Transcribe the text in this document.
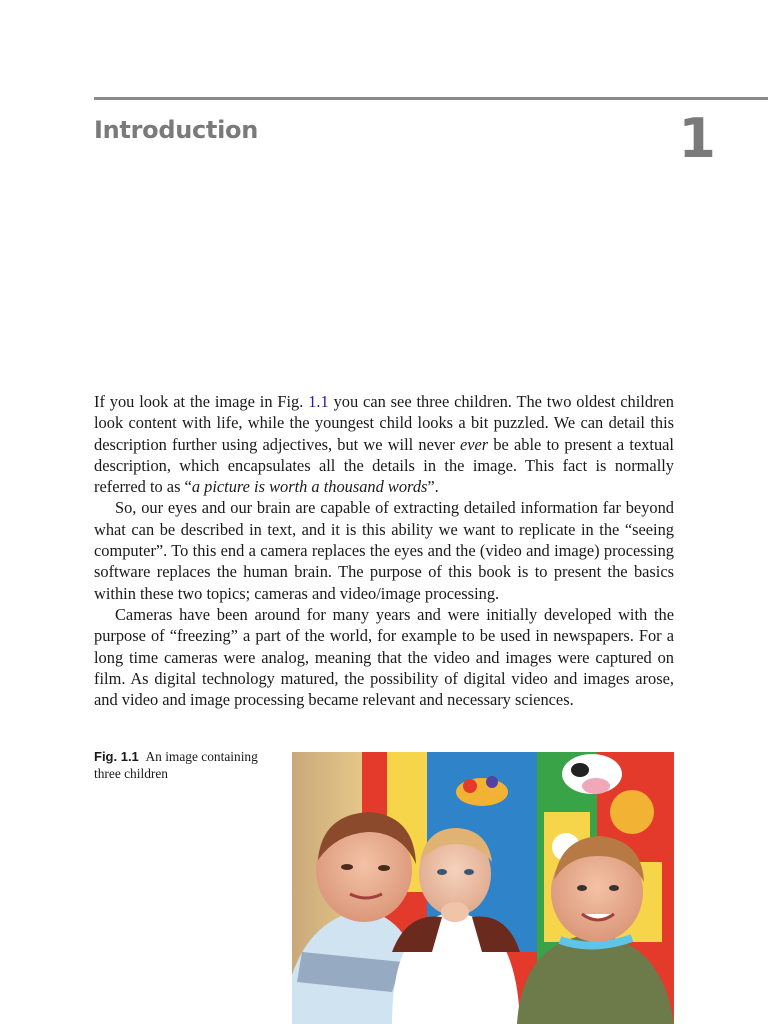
Introduction	1

If you look at the image in Fig. 1.1 you can see three children. The two oldest children look content with life, while the youngest child looks a bit puzzled. We can detail this description further using adjectives, but we will never ever be able to present a textual description, which encapsulates all the details in the image. This fact is normally referred to as “a picture is worth a thousand words”.

So, our eyes and our brain are capable of extracting detailed information far beyond what can be described in text, and it is this ability we want to replicate in the “seeing computer”. To this end a camera replaces the eyes and the (video and image) processing software replaces the human brain. The purpose of this book is to present the basics within these two topics; cameras and video/image processing.

Cameras have been around for many years and were initially developed with the purpose of “freezing” a part of the world, for example to be used in newspapers. For a long time cameras were analog, meaning that the video and images were captured on film. As digital technology matured, the possibility of digital video and images arose, and video and image processing became relevant and necessary sciences.

Fig. 1.1 An image containing three children
